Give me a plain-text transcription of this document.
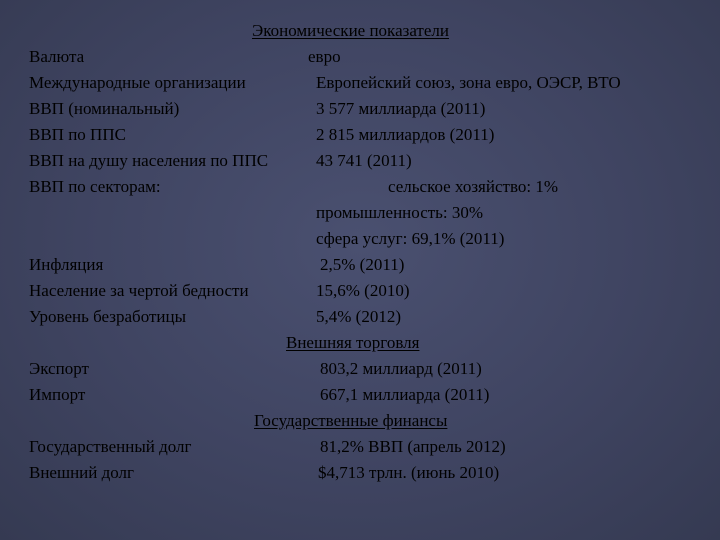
Экономические показатели
Валюта	евро
Международные организации	Европейский союз, зона евро, ОЭСР, ВТО
ВВП (номинальный)	3 577 миллиарда (2011)
ВВП по ППС	2 815 миллиардов (2011)
ВВП на душу населения по ППС	43 741 (2011)
ВВП по секторам:	сельское хозяйство: 1%
промышленность: 30%
сфера услуг: 69,1% (2011)
Инфляция	2,5% (2011)
Население за чертой бедности	15,6% (2010)
Уровень безработицы	5,4% (2012)
Внешняя торговля
Экспорт	803,2 миллиард (2011)
Импорт	667,1 миллиарда (2011)
Государственные финансы
Государственный долг	81,2% ВВП (апрель 2012)
Внешний долг	$4,713 трлн. (июнь 2010)
